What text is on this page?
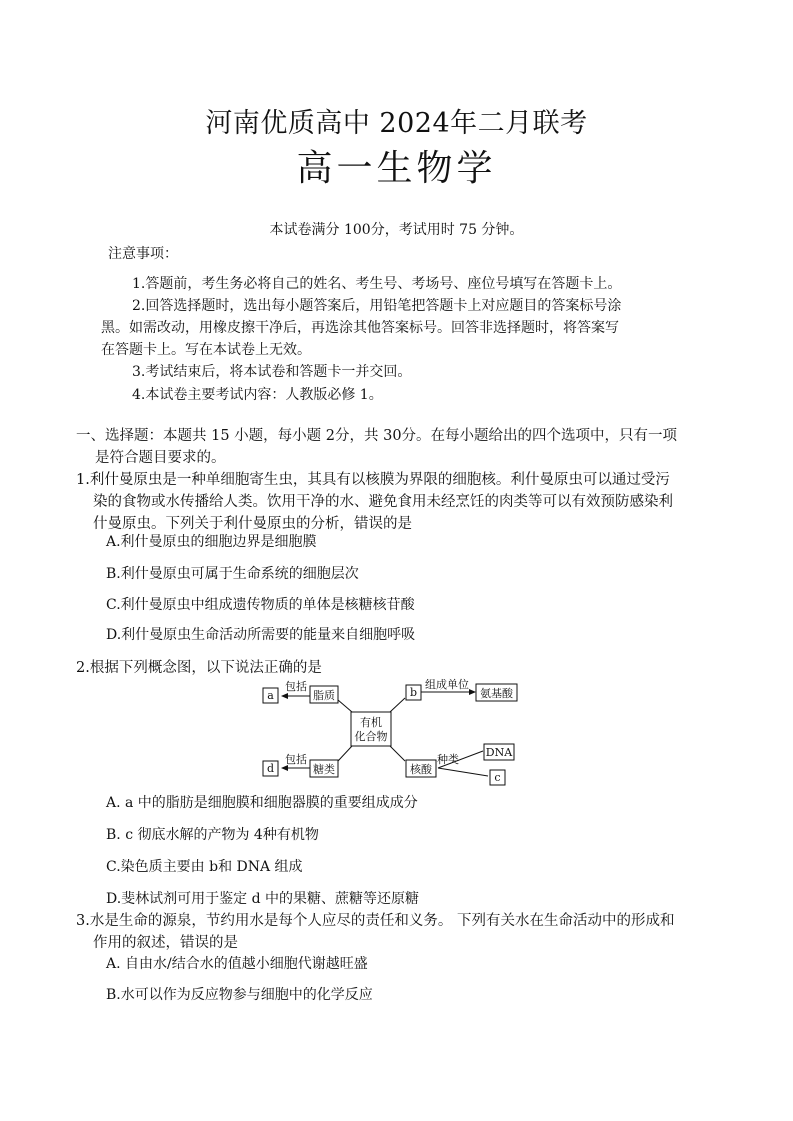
河南优质高中 2024年二月联考
高一生物学
本试卷满分 100分，考试用时 75 分钟。
注意事项：
1.答题前，考生务必将自己的姓名、考生号、考场号、座位号填写在答题卡上。
2.回答选择题时，选出每小题答案后，用铅笔把答题卡上对应题目的答案标号涂
黑。如需改动，用橡皮擦干净后，再选涂其他答案标号。回答非选择题时，将答案写
在答题卡上。写在本试卷上无效。
3.考试结束后，将本试卷和答题卡一并交回。
4.本试卷主要考试内容：人教版必修 1。
一、选择题：本题共 15 小题，每小题 2分，共 30分。在每小题给出的四个选项中，只有一项
是符合题目要求的。
1.利什曼原虫是一种单细胞寄生虫，其具有以核膜为界限的细胞核。利什曼原虫可以通过受污
染的食物或水传播给人类。饮用干净的水、避免食用未经烹饪的肉类等可以有效预防感染利
什曼原虫。下列关于利什曼原虫的分析，错误的是
A.利什曼原虫的细胞边界是细胞膜
B.利什曼原虫可属于生命系统的细胞层次
C.利什曼原虫中组成遗传物质的单体是核糖核苷酸
D.利什曼原虫生命活动所需要的能量来自细胞呼吸
2.根据下列概念图，以下说法正确的是
a	脂质
包括	b
组成单位
氨基酸
有机
化合物
d	糖类
包括
核酸
种类
DNA
c
A. a 中的脂肪是细胞膜和细胞器膜的重要组成成分
B. c 彻底水解的产物为 4种有机物
C.染色质主要由 b和 DNA 组成
D.斐林试剂可用于鉴定 d 中的果糖、蔗糖等还原糖
3.水是生命的源泉，节约用水是每个人应尽的责任和义务。 下列有关水在生命活动中的形成和
作用的叙述，错误的是
A. 自由水/结合水的值越小细胞代谢越旺盛
B.水可以作为反应物参与细胞中的化学反应
